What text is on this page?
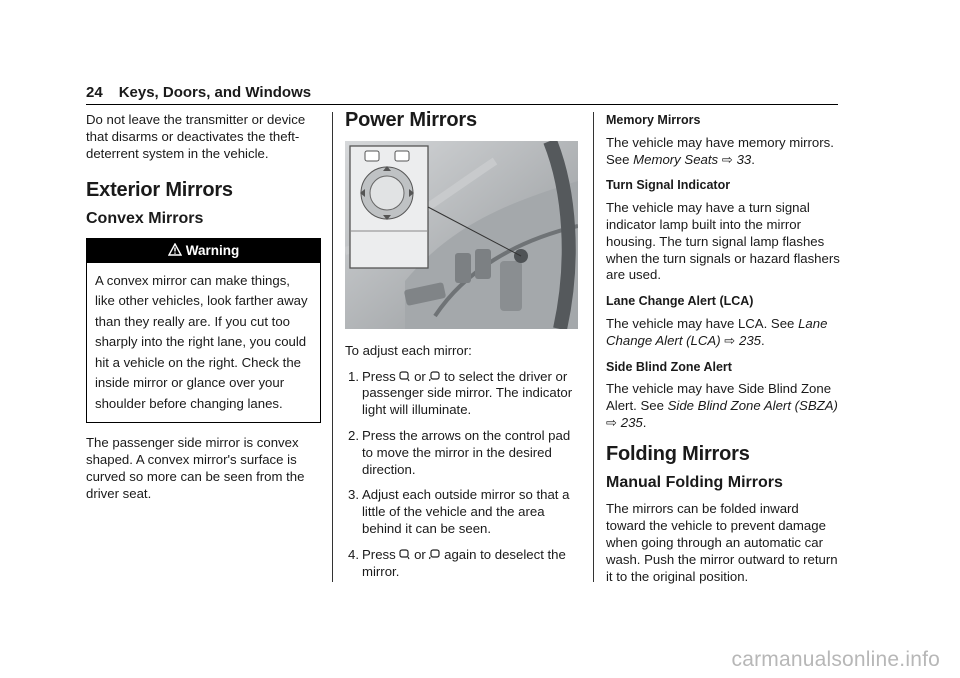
24 Keys, Doors, and Windows

Do not leave the transmitter or device that disarms or deactivates the theft-deterrent system in the vehicle.

Exterior Mirrors
Convex Mirrors
Warning
A convex mirror can make things, like other vehicles, look farther away than they really are. If you cut too sharply into the right lane, you could hit a vehicle on the right. Check the inside mirror or glance over your shoulder before changing lanes.

The passenger side mirror is convex shaped. A convex mirror's surface is curved so more can be seen from the driver seat.

Power Mirrors

To adjust each mirror:

1. Press or to select the driver or passenger side mirror. The indicator light will illuminate.
2. Press the arrows on the control pad to move the mirror in the desired direction.
3. Adjust each outside mirror so that a little of the vehicle and the area behind it can be seen.
4. Press or again to deselect the mirror.
Memory Mirrors

The vehicle may have memory mirrors. See Memory Seats ⇨ 33.

Turn Signal Indicator

The vehicle may have a turn signal indicator lamp built into the mirror housing. The turn signal lamp flashes when the turn signals or hazard flashers are used.

Lane Change Alert (LCA)

The vehicle may have LCA. See Lane Change Alert (LCA) ⇨ 235.

Side Blind Zone Alert

The vehicle may have Side Blind Zone Alert. See Side Blind Zone Alert (SBZA) ⇨ 235.

Folding Mirrors
Manual Folding Mirrors

The mirrors can be folded inward toward the vehicle to prevent damage when going through an automatic car wash. Push the mirror outward to return it to the original position.

carmanualsonline.info
